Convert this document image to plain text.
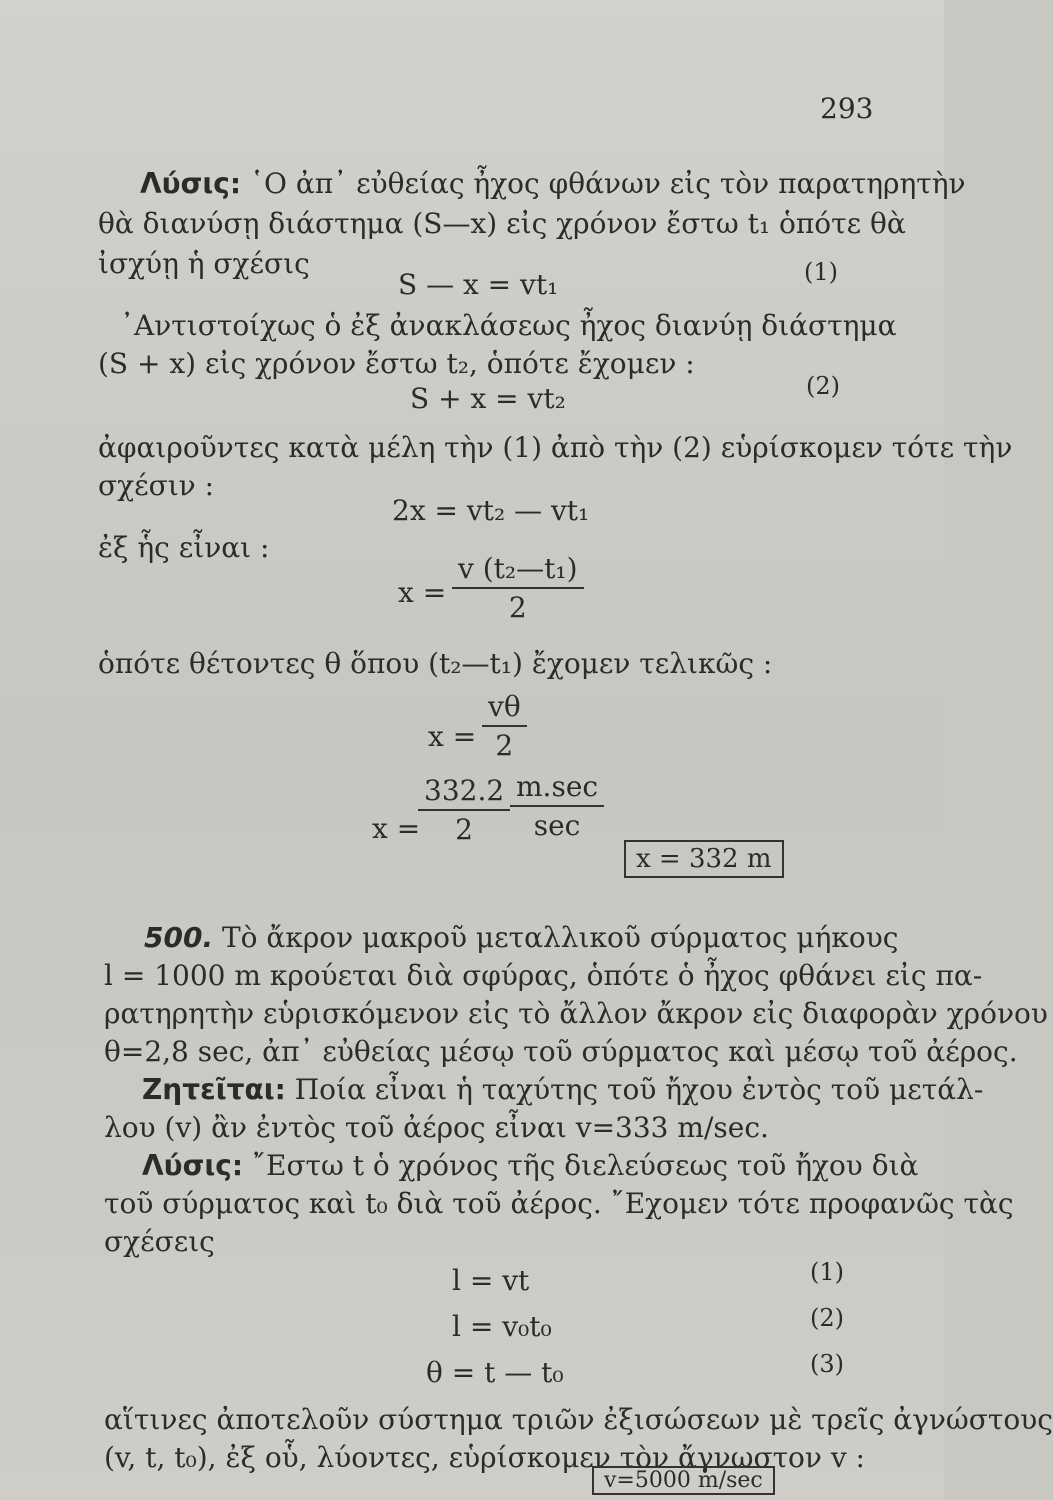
293
Λύσις: ῾Ο ἀπ᾿ εὐθείας ἦχος φθάνων εἰς τὸν παρατηρητὴν
θὰ διανύσῃ διάστημα (S—x) εἰς χρόνον ἔστω t₁ ὁπότε θὰ
ἰσχύῃ ἡ σχέσις
S — x = vt₁	(1)
᾿Αντιστοίχως ὁ ἐξ ἀνακλάσεως ἦχος διανύῃ διάστημα
(S + x) εἰς χρόνον ἔστω t₂, ὁπότε ἔχομεν :
S + x = vt₂	(2)
ἀφαιροῦντες κατὰ μέλη τὴν (1) ἀπὸ τὴν (2) εὑρίσκομεν τότε τὴν
σχέσιν :
2x = vt₂ — vt₁
ἐξ ἧς εἶναι :
x =
v (t₂—t₁)
2
ὁπότε θέτοντες θ ὅπου (t₂—t₁) ἔχομεν τελικῶς :
x =
vθ
2
x =
332.2
2
m.sec
sec
x = 332 m
500. Τὸ ἄκρον μακροῦ μεταλλικοῦ σύρματος μήκους
l = 1000 m κρούεται διὰ σφύρας, ὁπότε ὁ ἦχος φθάνει εἰς πα-
ρατηρητὴν εὑρισκόμενον εἰς τὸ ἄλλον ἄκρον εἰς διαφορὰν χρόνου
θ=2,8 sec, ἀπ᾿ εὐθείας μέσῳ τοῦ σύρματος καὶ μέσῳ τοῦ ἀέρος.
Ζητεῖται: Ποία εἶναι ἡ ταχύτης τοῦ ἤχου ἐντὸς τοῦ μετάλ-
λου (v) ἂν ἐντὸς τοῦ ἀέρος εἶναι v=333 m/sec.
Λύσις: ῎Εστω t ὁ χρόνος τῆς διελεύσεως τοῦ ἤχου διὰ
τοῦ σύρματος καὶ t₀ διὰ τοῦ ἀέρος. ῎Εχομεν τότε προφανῶς τὰς
σχέσεις
l = vt	(1)
l = v₀t₀	(2)
θ = t — t₀	(3)
αἵτινες ἀποτελοῦν σύστημα τριῶν ἐξισώσεων μὲ τρεῖς ἀγνώστους
(v, t, t₀), ἐξ οὗ, λύοντες, εὑρίσκομεν τὸν ἄγνωστον v :
v=5000 m/sec
